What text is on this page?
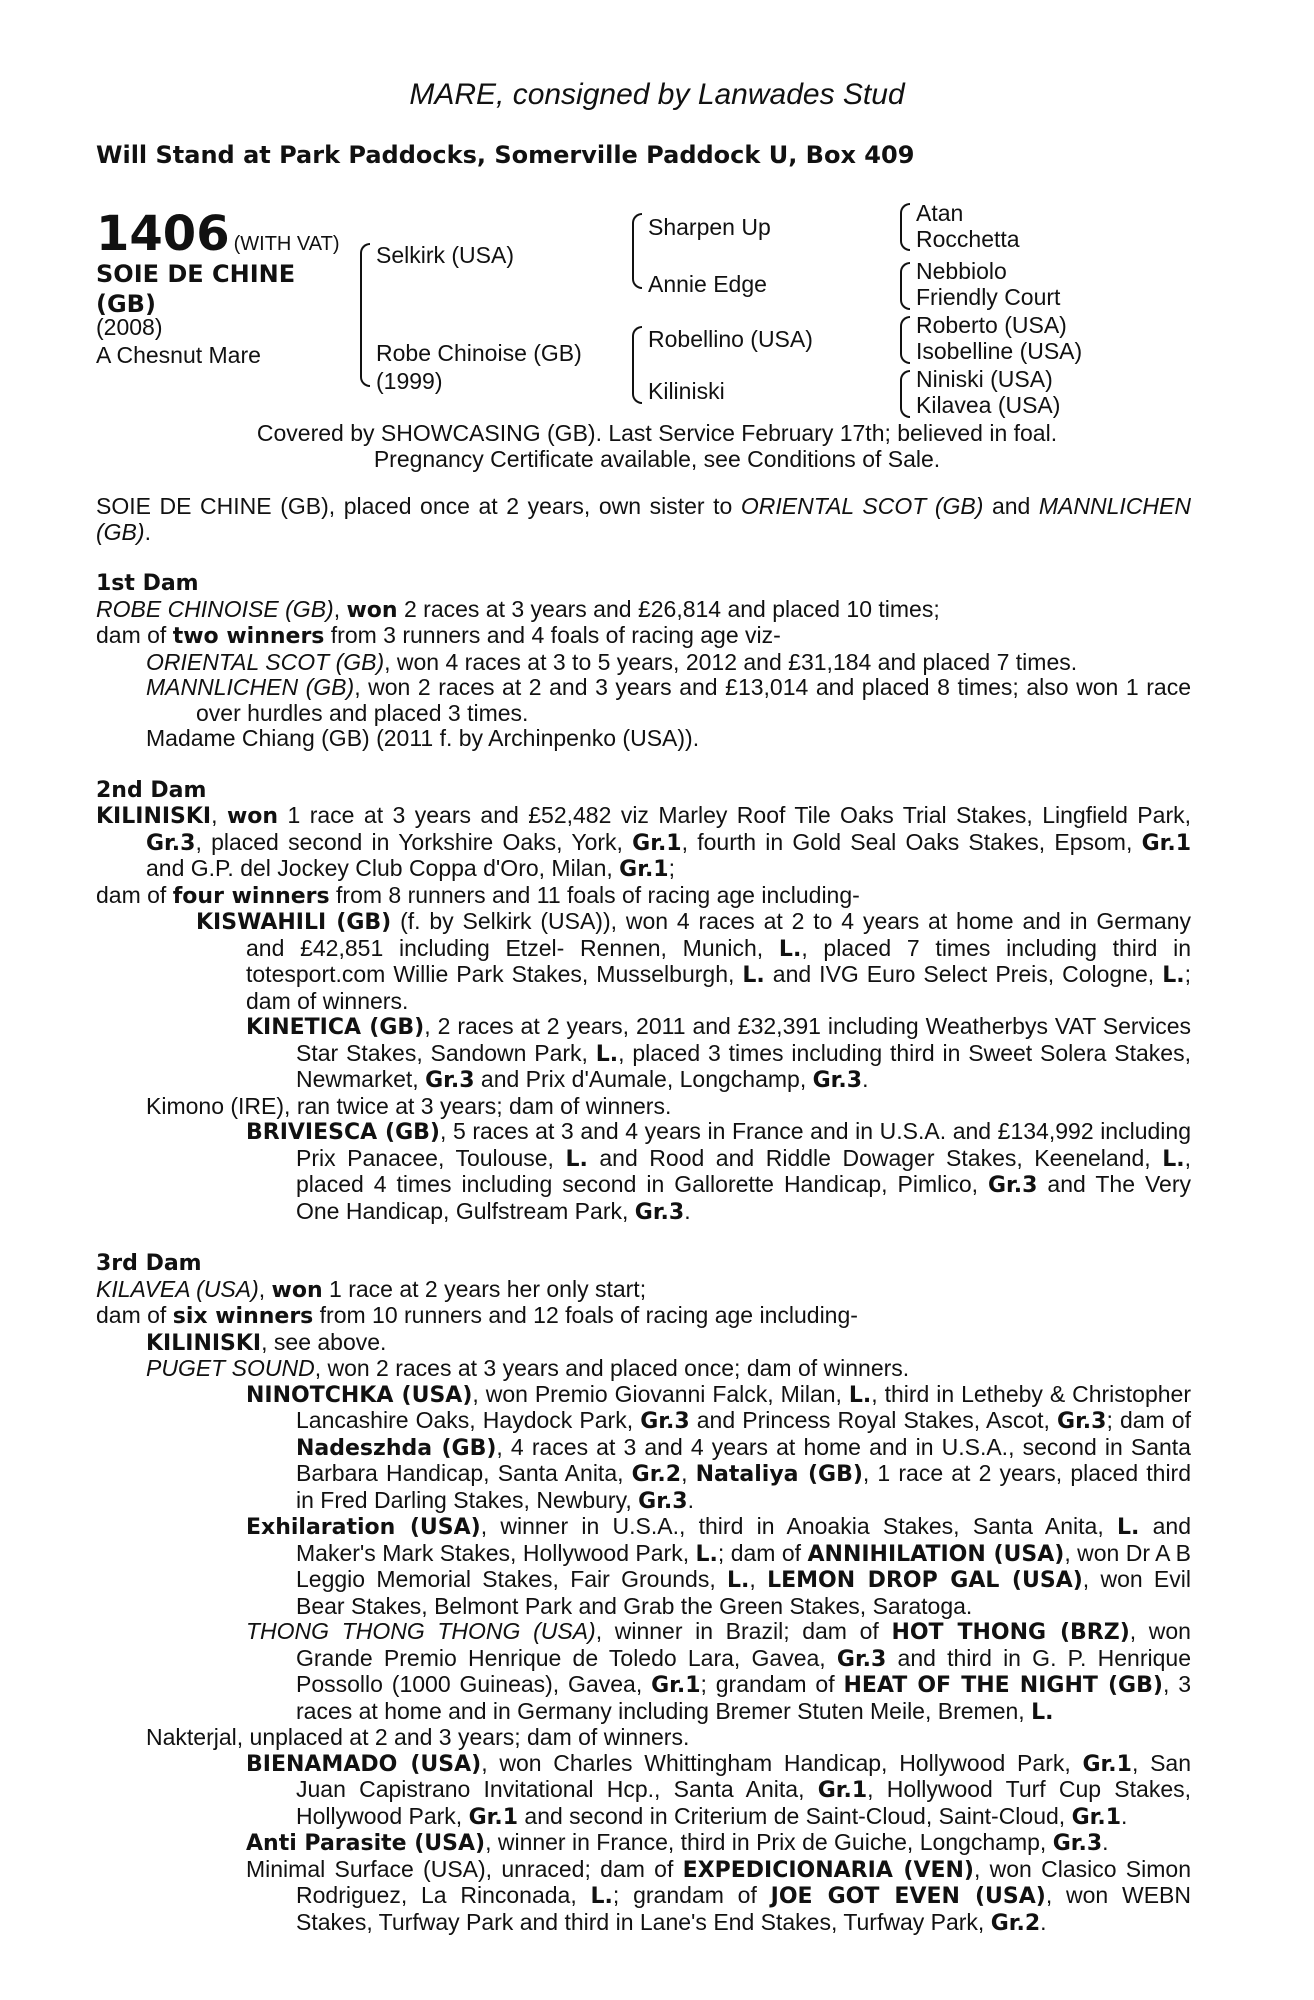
MARE, consigned by Lanwades Stud
Will Stand at Park Paddocks, Somerville Paddock U, Box 409
1406 (WITH VAT)
SOIE DE CHINE
(GB)
(2008)
A Chesnut Mare
Selkirk (USA)
Robe Chinoise (GB)
(1999)
Sharpen Up
Annie Edge
Robellino (USA)
Kiliniski
Atan
Rocchetta
Nebbiolo
Friendly Court
Roberto (USA)
Isobelline (USA)
Niniski (USA)
Kilavea (USA)
Covered by SHOWCASING (GB). Last Service February 17th; believed in foal.
Pregnancy Certificate available, see Conditions of Sale.

SOIE DE CHINE (GB), placed once at 2 years, own sister to ORIENTAL SCOT (GB) and MANNLICHEN (GB).

1st Dam

ROBE CHINOISE (GB), won 2 races at 3 years and £26,814 and placed 10 times;

dam of two winners from 3 runners and 4 foals of racing age viz-

ORIENTAL SCOT (GB), won 4 races at 3 to 5 years, 2012 and £31,184 and placed 7 times.

MANNLICHEN (GB), won 2 races at 2 and 3 years and £13,014 and placed 8 times; also won 1 race over hurdles and placed 3 times.

Madame Chiang (GB) (2011 f. by Archinpenko (USA)).

2nd Dam

KILINISKI, won 1 race at 3 years and £52,482 viz Marley Roof Tile Oaks Trial Stakes, Lingfield Park, Gr.3, placed second in Yorkshire Oaks, York, Gr.1, fourth in Gold Seal Oaks Stakes, Epsom, Gr.1 and G.P. del Jockey Club Coppa d'Oro, Milan, Gr.1;

dam of four winners from 8 runners and 11 foals of racing age including-

KISWAHILI (GB) (f. by Selkirk (USA)), won 4 races at 2 to 4 years at home and in Germany and £42,851 including Etzel- Rennen, Munich, L., placed 7 times including third in totesport.com Willie Park Stakes, Musselburgh, L. and IVG Euro Select Preis, Cologne, L.; dam of winners.

KINETICA (GB), 2 races at 2 years, 2011 and £32,391 including Weatherbys VAT Services Star Stakes, Sandown Park, L., placed 3 times including third in Sweet Solera Stakes, Newmarket, Gr.3 and Prix d'Aumale, Longchamp, Gr.3.

Kimono (IRE), ran twice at 3 years; dam of winners.

BRIVIESCA (GB), 5 races at 3 and 4 years in France and in U.S.A. and £134,992 including Prix Panacee, Toulouse, L. and Rood and Riddle Dowager Stakes, Keeneland, L., placed 4 times including second in Gallorette Handicap, Pimlico, Gr.3 and The Very One Handicap, Gulfstream Park, Gr.3.

3rd Dam

KILAVEA (USA), won 1 race at 2 years her only start;

dam of six winners from 10 runners and 12 foals of racing age including-

KILINISKI, see above.

PUGET SOUND, won 2 races at 3 years and placed once; dam of winners.

NINOTCHKA (USA), won Premio Giovanni Falck, Milan, L., third in Letheby & Christopher Lancashire Oaks, Haydock Park, Gr.3 and Princess Royal Stakes, Ascot, Gr.3; dam of Nadeszhda (GB), 4 races at 3 and 4 years at home and in U.S.A., second in Santa Barbara Handicap, Santa Anita, Gr.2, Nataliya (GB), 1 race at 2 years, placed third in Fred Darling Stakes, Newbury, Gr.3.

Exhilaration (USA), winner in U.S.A., third in Anoakia Stakes, Santa Anita, L. and Maker's Mark Stakes, Hollywood Park, L.; dam of ANNIHILATION (USA), won Dr A B Leggio Memorial Stakes, Fair Grounds, L., LEMON DROP GAL (USA), won Evil Bear Stakes, Belmont Park and Grab the Green Stakes, Saratoga.

THONG THONG THONG (USA), winner in Brazil; dam of HOT THONG (BRZ), won Grande Premio Henrique de Toledo Lara, Gavea, Gr.3 and third in G. P. Henrique Possollo (1000 Guineas), Gavea, Gr.1; grandam of HEAT OF THE NIGHT (GB), 3 races at home and in Germany including Bremer Stuten Meile, Bremen, L.

Nakterjal, unplaced at 2 and 3 years; dam of winners.

BIENAMADO (USA), won Charles Whittingham Handicap, Hollywood Park, Gr.1, San Juan Capistrano Invitational Hcp., Santa Anita, Gr.1, Hollywood Turf Cup Stakes, Hollywood Park, Gr.1 and second in Criterium de Saint-Cloud, Saint-Cloud, Gr.1.

Anti Parasite (USA), winner in France, third in Prix de Guiche, Longchamp, Gr.3.

Minimal Surface (USA), unraced; dam of EXPEDICIONARIA (VEN), won Clasico Simon Rodriguez, La Rinconada, L.; grandam of JOE GOT EVEN (USA), won WEBN Stakes, Turfway Park and third in Lane's End Stakes, Turfway Park, Gr.2.
